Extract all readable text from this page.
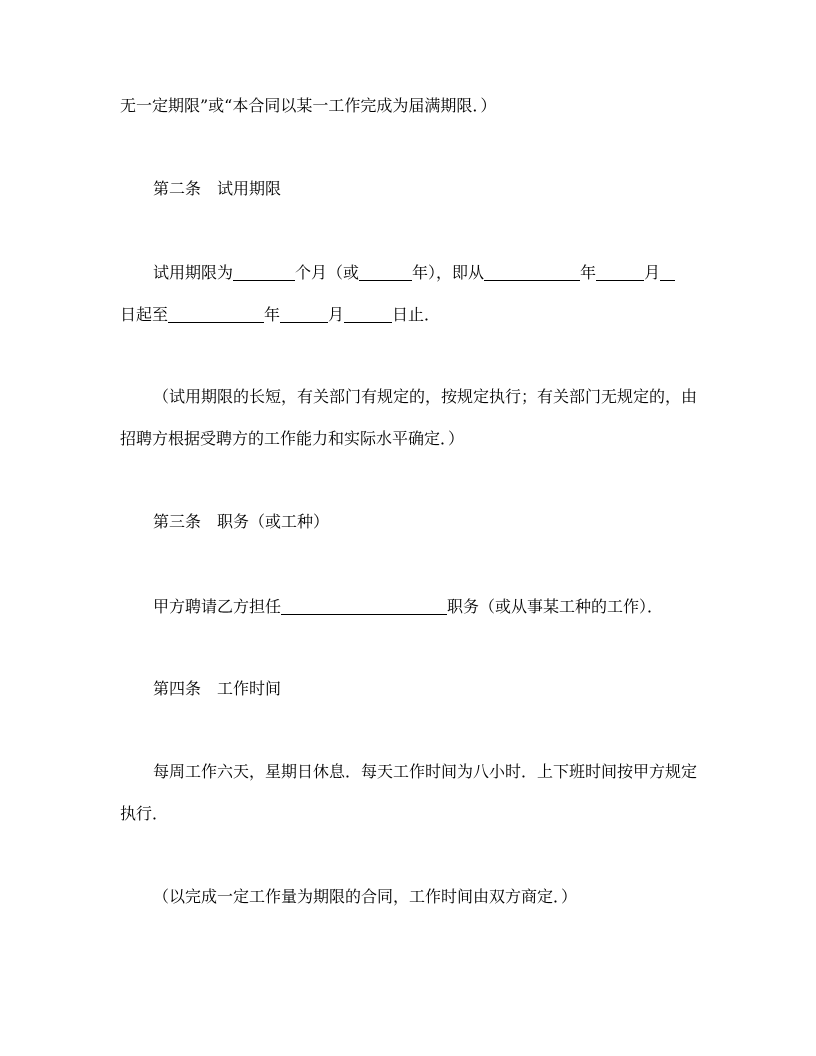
无一定期限”或“本合同以某一工作完成为届满期限．）
第二条 试用期限
试用期限为	个月（或	年），即从	年	月
日起至	年	月	日止．
（试用期限的长短，有关部门有规定的，按规定执行；有关部门无规定的，由
招聘方根据受聘方的工作能力和实际水平确定．）
第三条 职务（或工种）
甲方聘请乙方担任	职务（或从事某工种的工作）．
第四条 工作时间
每周工作六天，星期日休息．每天工作时间为八小时．上下班时间按甲方规定
执行．
（以完成一定工作量为期限的合同，工作时间由双方商定．）
